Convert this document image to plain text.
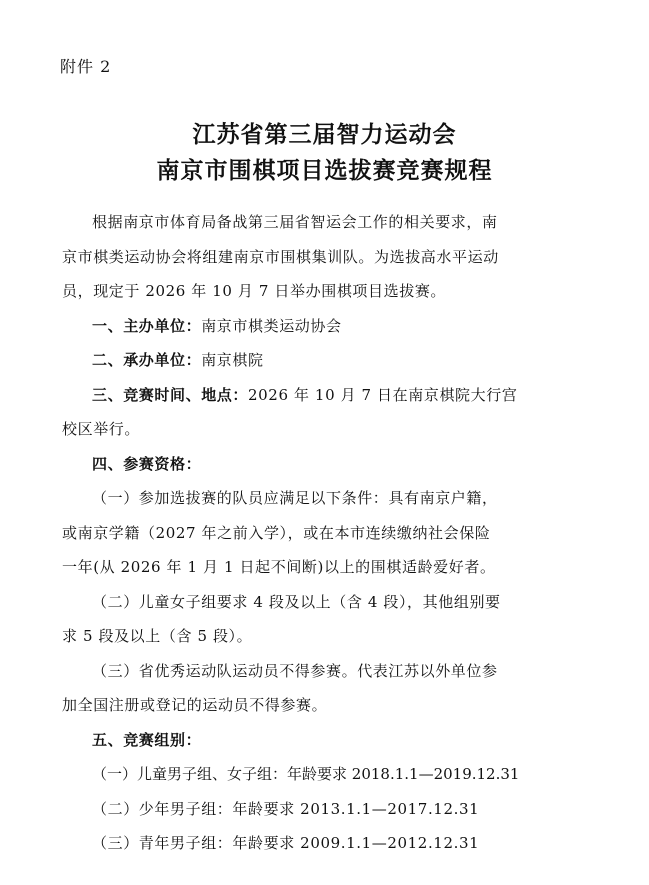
附件 2
江苏省第三届智力运动会
南京市围棋项目选拔赛竞赛规程
根据南京市体育局备战第三届省智运会工作的相关要求，南
京市棋类运动协会将组建南京市围棋集训队。为选拔高水平运动
员，现定于 2026 年 10 月 7 日举办围棋项目选拔赛。
一、主办单位：南京市棋类运动协会
二、承办单位：南京棋院
三、竞赛时间、地点：2026 年 10 月 7 日在南京棋院大行宫
校区举行。
四、参赛资格：
（一）参加选拔赛的队员应满足以下条件：具有南京户籍，
或南京学籍（2027 年之前入学），或在本市连续缴纳社会保险
一年(从 2026 年 1 月 1 日起不间断)以上的围棋适龄爱好者。
（二）儿童女子组要求 4 段及以上（含 4 段），其他组别要
求 5 段及以上（含 5 段）。
（三）省优秀运动队运动员不得参赛。代表江苏以外单位参
加全国注册或登记的运动员不得参赛。
五、竞赛组别：
（一）儿童男子组、女子组：年龄要求 2018.1.1—2019.12.31
（二）少年男子组：年龄要求 2013.1.1—2017.12.31
（三）青年男子组：年龄要求 2009.1.1—2012.12.31
